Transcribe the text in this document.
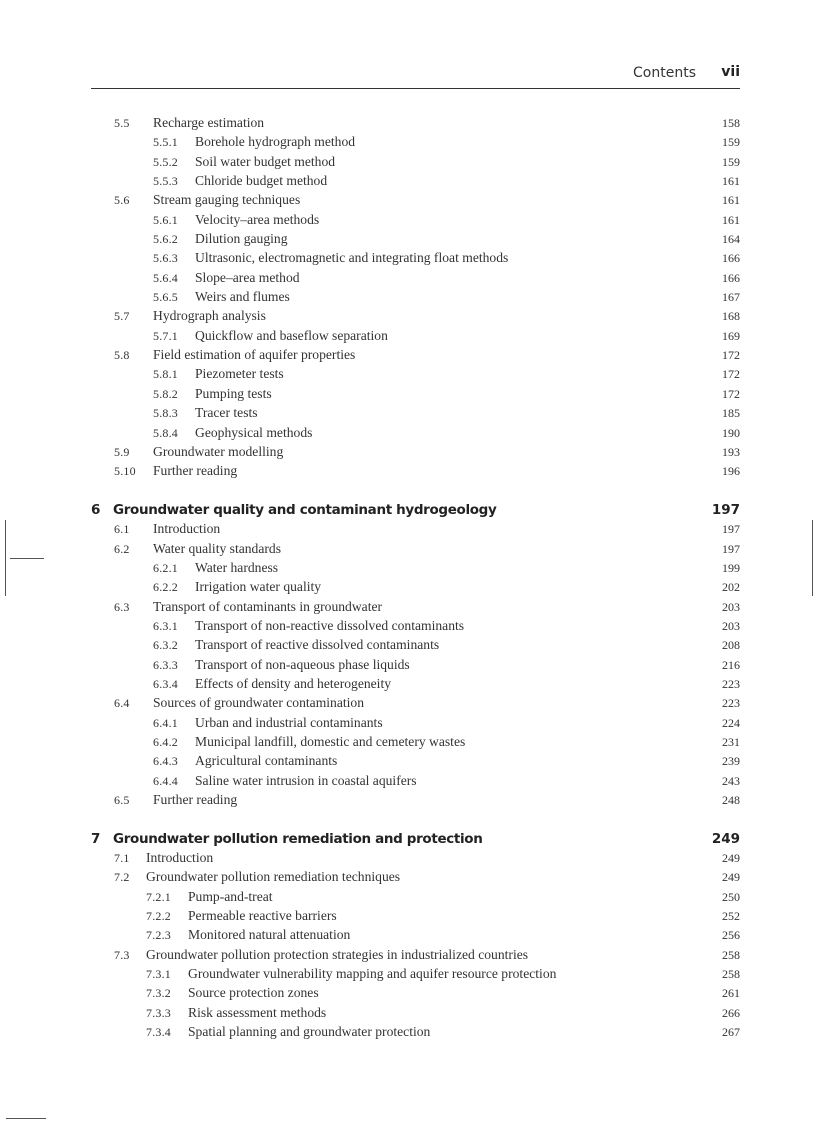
Contents vii
5.5 Recharge estimation	158
5.5.1 Borehole hydrograph method	159
5.5.2 Soil water budget method	159
5.5.3 Chloride budget method	161
5.6 Stream gauging techniques	161
5.6.1 Velocity–area methods	161
5.6.2 Dilution gauging	164
5.6.3 Ultrasonic, electromagnetic and integrating float methods	166
5.6.4 Slope–area method	166
5.6.5 Weirs and flumes	167
5.7 Hydrograph analysis	168
5.7.1 Quickflow and baseflow separation	169
5.8 Field estimation of aquifer properties	172
5.8.1 Piezometer tests	172
5.8.2 Pumping tests	172
5.8.3 Tracer tests	185
5.8.4 Geophysical methods	190
5.9 Groundwater modelling	193
5.10 Further reading	196
6 Groundwater quality and contaminant hydrogeology	197
6.1 Introduction	197
6.2 Water quality standards	197
6.2.1 Water hardness	199
6.2.2 Irrigation water quality	202
6.3 Transport of contaminants in groundwater	203
6.3.1 Transport of non-reactive dissolved contaminants	203
6.3.2 Transport of reactive dissolved contaminants	208
6.3.3 Transport of non-aqueous phase liquids	216
6.3.4 Effects of density and heterogeneity	223
6.4 Sources of groundwater contamination	223
6.4.1 Urban and industrial contaminants	224
6.4.2 Municipal landfill, domestic and cemetery wastes	231
6.4.3 Agricultural contaminants	239
6.4.4 Saline water intrusion in coastal aquifers	243
6.5 Further reading	248
7 Groundwater pollution remediation and protection	249
7.1 Introduction	249
7.2 Groundwater pollution remediation techniques	249
7.2.1 Pump-and-treat	250
7.2.2 Permeable reactive barriers	252
7.2.3 Monitored natural attenuation	256
7.3 Groundwater pollution protection strategies in industrialized countries	258
7.3.1 Groundwater vulnerability mapping and aquifer resource protection	258
7.3.2 Source protection zones	261
7.3.3 Risk assessment methods	266
7.3.4 Spatial planning and groundwater protection	267
